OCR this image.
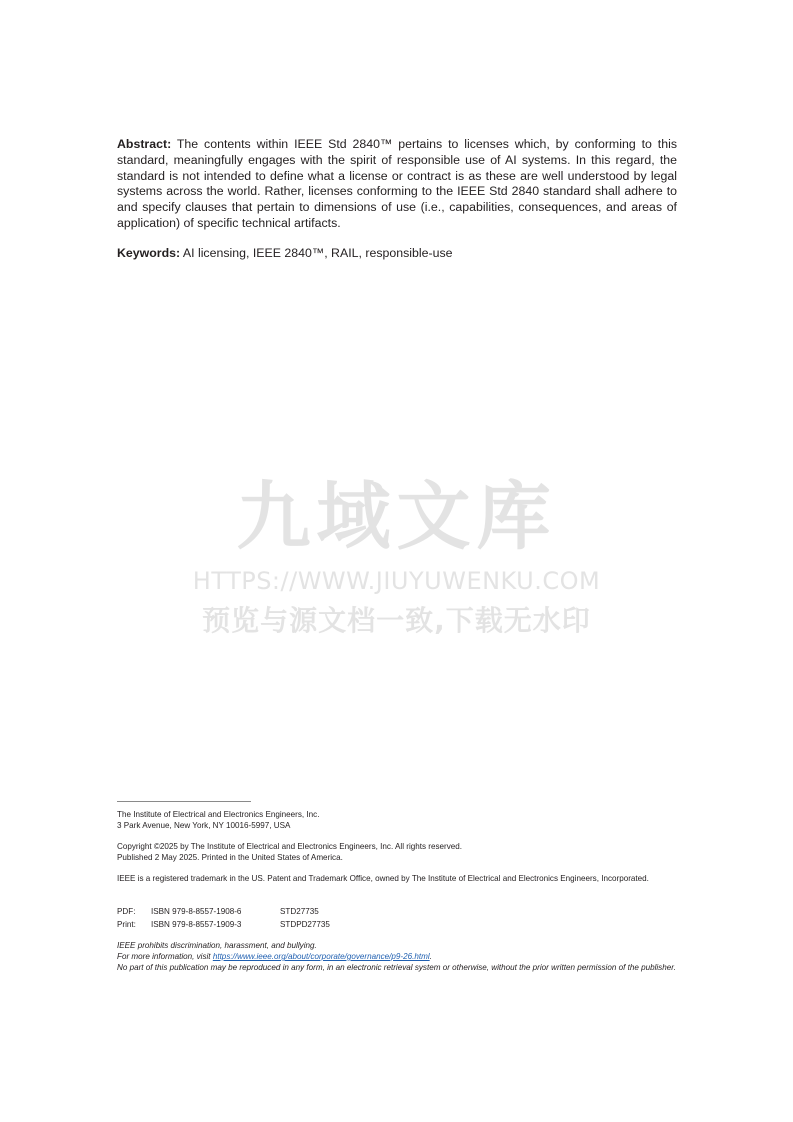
Abstract: The contents within IEEE Std 2840™ pertains to licenses which, by conforming to this standard, meaningfully engages with the spirit of responsible use of AI systems. In this regard, the standard is not intended to define what a license or contract is as these are well understood by legal systems across the world. Rather, licenses conforming to the IEEE Std 2840 standard shall adhere to and specify clauses that pertain to dimensions of use (i.e., capabilities, consequences, and areas of application) of specific technical artifacts.
Keywords: AI licensing, IEEE 2840™, RAIL, responsible-use
九域文库
HTTPS://WWW.JIUYUWENKU.COM
预览与源文档一致,下载无水印
The Institute of Electrical and Electronics Engineers, Inc.
3 Park Avenue, New York, NY 10016-5997, USA
Copyright ©2025 by The Institute of Electrical and Electronics Engineers, Inc. All rights reserved.
Published 2 May 2025. Printed in the United States of America.
IEEE is a registered trademark in the US. Patent and Trademark Office, owned by The Institute of Electrical and Electronics Engineers, Incorporated.
PDF:	ISBN 979-8-8557-1908-6	STD27735
Print:	ISBN 979-8-8557-1909-3	STDPD27735
IEEE prohibits discrimination, harassment, and bullying.
For more information, visit https://www.ieee.org/about/corporate/governance/p9-26.html.
No part of this publication may be reproduced in any form, in an electronic retrieval system or otherwise, without the prior written permission of the publisher.
